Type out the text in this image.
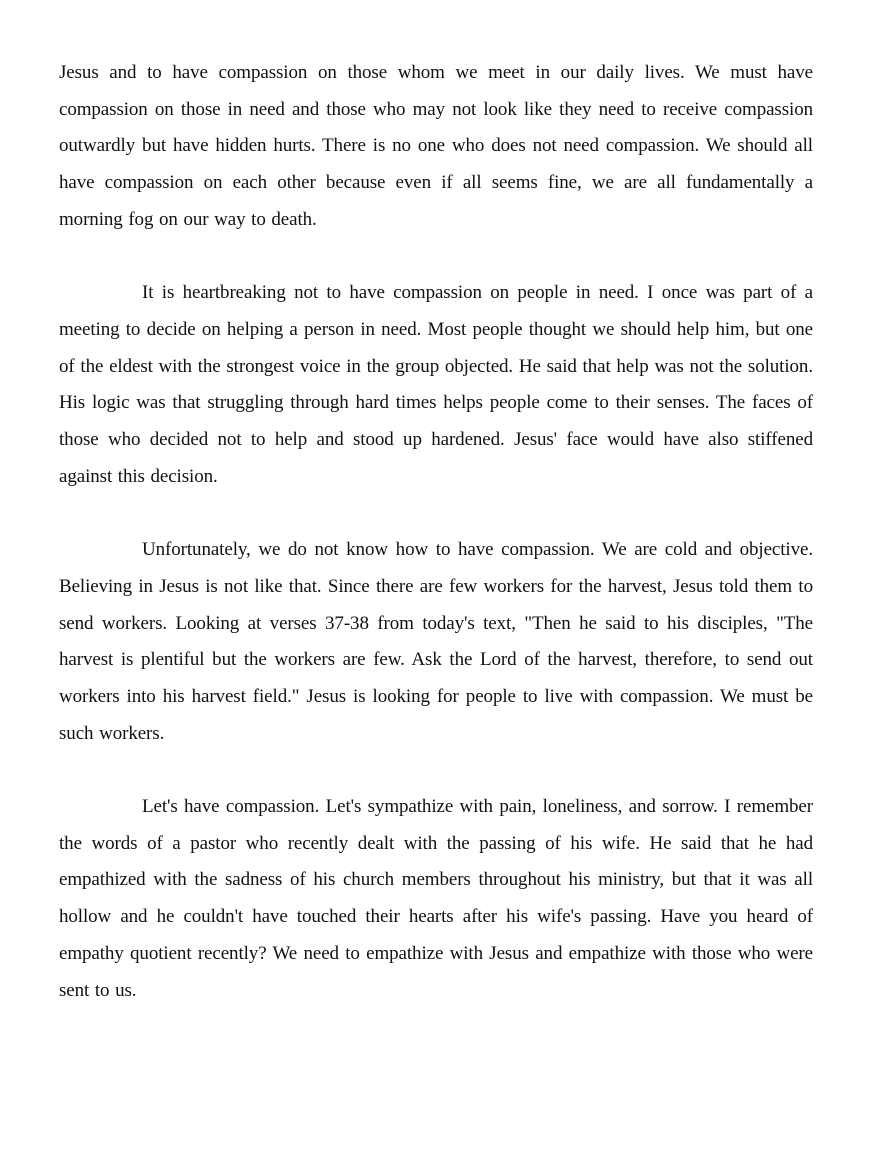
Jesus and to have compassion on those whom we meet in our daily lives. We must have compassion on those in need and those who may not look like they need to receive compassion outwardly but have hidden hurts. There is no one who does not need compassion. We should all have compassion on each other because even if all seems fine, we are all fundamentally a morning fog on our way to death.

It is heartbreaking not to have compassion on people in need. I once was part of a meeting to decide on helping a person in need. Most people thought we should help him, but one of the eldest with the strongest voice in the group objected. He said that help was not the solution. His logic was that struggling through hard times helps people come to their senses. The faces of those who decided not to help and stood up hardened. Jesus' face would have also stiffened against this decision.

Unfortunately, we do not know how to have compassion. We are cold and objective. Believing in Jesus is not like that. Since there are few workers for the harvest, Jesus told them to send workers. Looking at verses 37-38 from today's text, "Then he said to his disciples, "The harvest is plentiful but the workers are few. Ask the Lord of the harvest, therefore, to send out workers into his harvest field." Jesus is looking for people to live with compassion. We must be such workers.

Let's have compassion. Let's sympathize with pain, loneliness, and sorrow. I remember the words of a pastor who recently dealt with the passing of his wife. He said that he had empathized with the sadness of his church members throughout his ministry, but that it was all hollow and he couldn't have touched their hearts after his wife's passing. Have you heard of empathy quotient recently? We need to empathize with Jesus and empathize with those who were sent to us.
